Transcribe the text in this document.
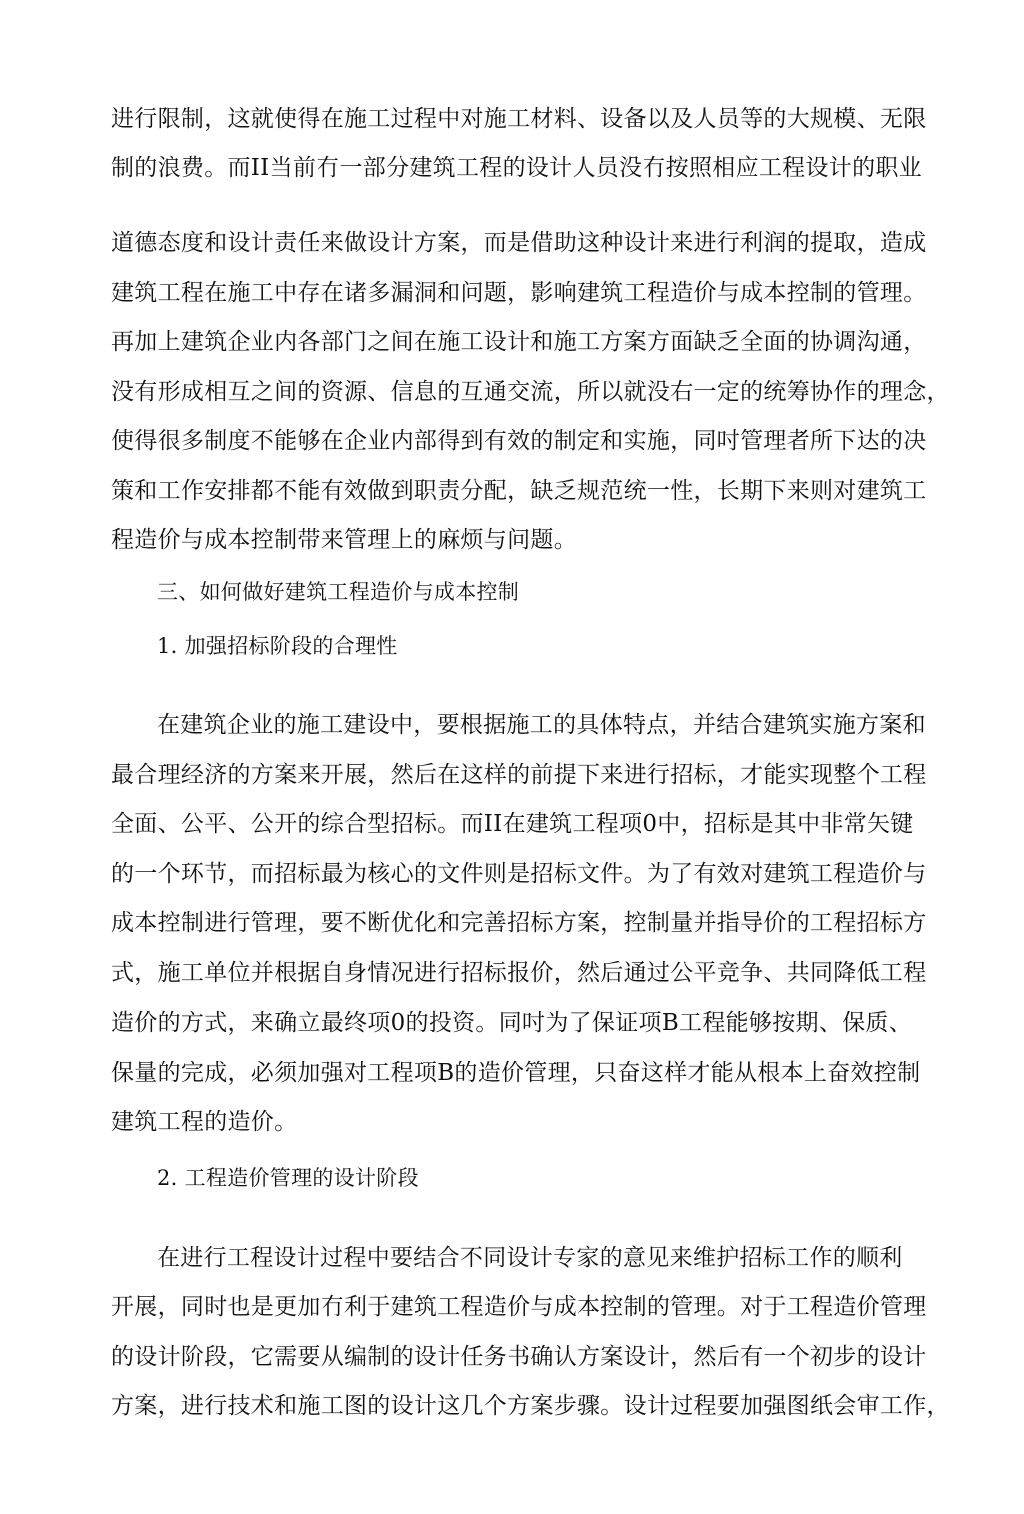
进行限制，这就使得在施工过程中对施工材料、设备以及人员等的大规模、无限
制的浪费。而II当前冇一部分建筑工程的设计人员没冇按照相应工程设计的职业
道德态度和设计责任来做设计方案，而是借助这种设计来进行利润的提取，造成
建筑工程在施工中存在诸多漏洞和问题，影响建筑工程造价与成本控制的管理。
再加上建筑企业内各部门之间在施工设计和施工方案方面缺乏全面的协调沟通，
没有形成相互之间的资源、信息的互通交流，所以就没右一定的统筹协作的理念，
使得很多制度不能够在企业内部得到有效的制定和实施，同吋管理者所下达的决
策和工作安排都不能有效做到职责分配，缺乏规范统一性，长期下来则对建筑工
程造价与成本控制带来管理上的麻烦与问题。
三、如何做好建筑工程造价与成本控制
1. 加强招标阶段的合理性
在建筑企业的施工建设中，要根据施工的具体特点，并结合建筑实施方案和
最合理经济的方案来开展，然后在这样的前提下来进行招标，才能实现整个工程
全面、公平、公开的综合型招标。而II在建筑工程项0中，招标是其中非常矢键
的一个环节，而招标最为核心的文件则是招标文件。为了有效对建筑工程造价与
成本控制进行管理，要不断优化和完善招标方案，控制量并指导价的工程招标方
式，施工单位并根据自身情况进行招标报价，然后通过公平竞争、共同降低工程
造价的方式，来确立最终项0的投资。同吋为了保证项B工程能够按期、保质、
保量的完成，必须加强对工程项B的造价管理，只奋这样才能从根本上奋效控制
建筑工程的造价。
2. 工程造价管理的设计阶段
在进行工程设计过程中要结合不同设计专家的意见来维护招标工作的顺利
开展，同时也是更加冇利于建筑工程造价与成本控制的管理。对于工程造价管理
的设计阶段，它需要从编制的设计任务书确认方案设计，然后有一个初步的设计
方案，进行技术和施工图的设计这几个方案步骤。设计过程要加强图纸会审工作，
